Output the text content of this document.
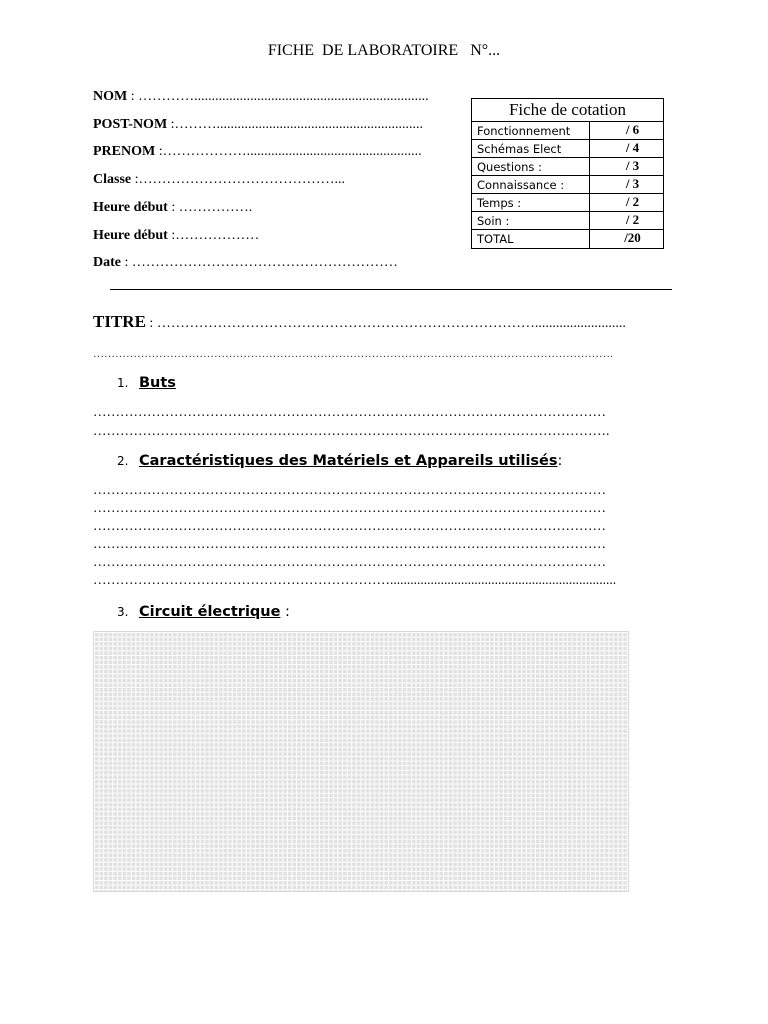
FICHE  DE LABORATOIRE   N°...
NOM : …………...................................................................
POST-NOM :………...........................................................
PRENOM :………………..................................................
Classe :……………………………………...
Heure début : …………….
Heure début :………………
Date : …………………………………………………
Fiche de cotation
Fonctionnement	/ 6
Schémas Elect	/ 4
Questions :	/ 3
Connaissance :	/ 3
Temps :	/ 2
Soin :	/ 2
TOTAL	/20
TITRE : ………………………………………………………………………..........................
…………………………………………………………………………………………………………………………….
1. Buts
……………………………………………………………………………………………………
…………………………………………………………………………………………………….
2. Caractéristiques des Matériels et Appareils utilisés:
……………………………………………………………………………………………………
……………………………………………………………………………………………………
……………………………………………………………………………………………………
……………………………………………………………………………………………………
……………………………………………………………………………………………………
…………………………………………………………...................................................................
3. Circuit électrique :
